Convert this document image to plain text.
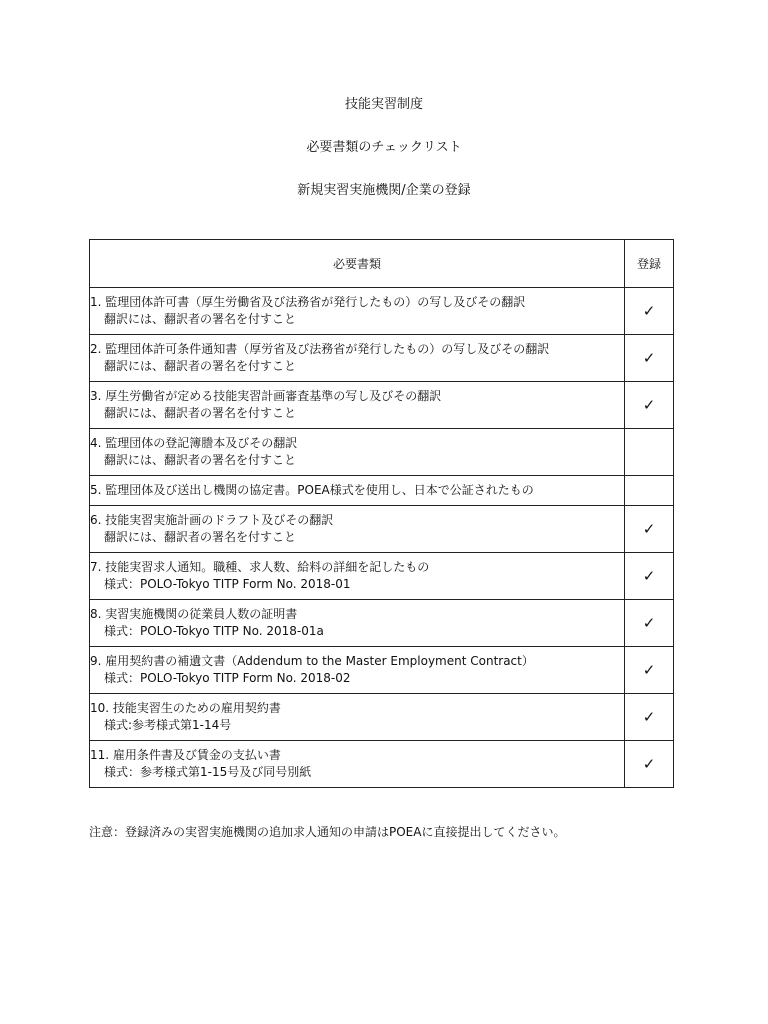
技能実習制度
必要書類のチェックリスト
新規実習実施機関/企業の登録
必要書類	登録
1. 監理団体許可書（厚生労働省及び法務省が発行したもの）の写し及びその翻訳
翻訳には、翻訳者の署名を付すこと	✓
2. 監理団体許可条件通知書（厚労省及び法務省が発行したもの）の写し及びその翻訳
翻訳には、翻訳者の署名を付すこと	✓
3. 厚生労働省が定める技能実習計画審査基準の写し及びその翻訳
翻訳には、翻訳者の署名を付すこと	✓
4. 監理団体の登記簿謄本及びその翻訳
翻訳には、翻訳者の署名を付すこと	

5. 監理団体及び送出し機関の協定書。POEA様式を使用し、日本で公証されたもの	
6. 技能実習実施計画のドラフト及びその翻訳
翻訳には、翻訳者の署名を付すこと	✓
7. 技能実習求人通知。職種、求人数、給料の詳細を記したもの
様式：POLO-Tokyo TITP Form No. 2018-01	✓
8. 実習実施機関の従業員人数の証明書
様式：POLO-Tokyo TITP No. 2018-01a	✓
9. 雇用契約書の補遺文書（Addendum to the Master Employment Contract）
様式：POLO-Tokyo TITP Form No. 2018-02	✓
10. 技能実習生のための雇用契約書
様式:参考様式第1-14号	✓
11. 雇用条件書及び賃金の支払い書
様式：参考様式第1-15号及び同号別紙	✓
注意：登録済みの実習実施機関の追加求人通知の申請はPOEAに直接提出してください。
